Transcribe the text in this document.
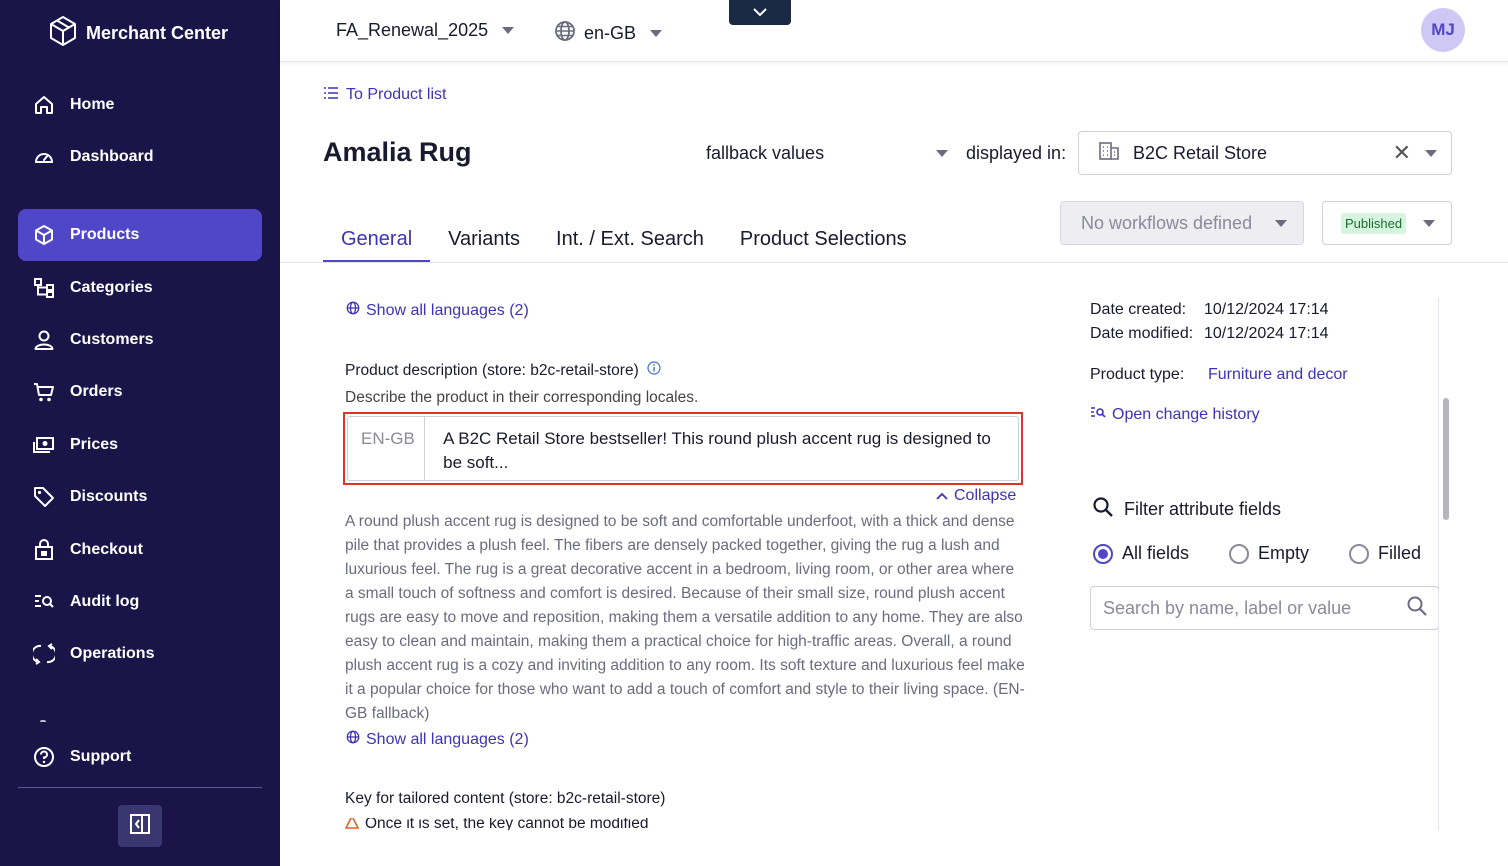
Merchant Center
Home
Dashboard
Products
Categories
Customers
Orders
Prices
Discounts
Checkout
Audit log
Operations
Support
FA_Renewal_2025	en-GB	MJ
To Product list
Amalia Rug	fallback values	displayed in:	B2C Retail Store	✕
General	Variants	Int. / Ext. Search	Product Selections
No workflows defined	Published
Show all languages (2)
Product description (store: b2c-retail-store)
Describe the product in their corresponding locales.
EN-GB	A B2C Retail Store bestseller! This round plush accent rug is designed to be soft...
Collapse

A round plush accent rug is designed to be soft and comfortable underfoot, with a thick and dense pile that provides a plush feel. The fibers are densely packed together, giving the rug a lush and luxurious feel. The rug is a great decorative accent in a bedroom, living room, or other area where a small touch of softness and comfort is desired. Because of their small size, round plush accent rugs are easy to move and reposition, making them a versatile addition to any home. They are also easy to clean and maintain, making them a practical choice for high-traffic areas. Overall, a round plush accent rug is a cozy and inviting addition to any room. Its soft texture and luxurious feel make it a popular choice for those who want to add a touch of comfort and style to their living space. (EN-GB fallback)

Show all languages (2)
Key for tailored content (store: b2c-retail-store)
Once it is set, the key cannot be modified
Date created:	10/12/2024 17:14
Date modified: 10/12/2024 17:14
Product type:	Furniture and decor
Open change history
Filter attribute fields
All fields	Empty	Filled
Search by name, label or value
